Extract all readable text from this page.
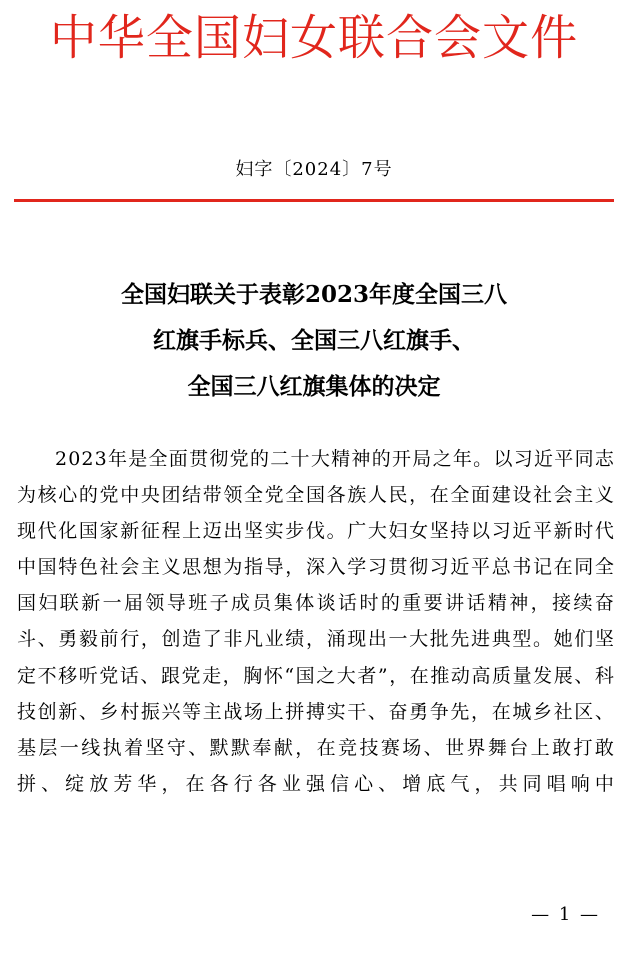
中华全国妇女联合会文件
妇字〔2024〕7号
全国妇联关于表彰2023年度全国三八
红旗手标兵、全国三八红旗手、
全国三八红旗集体的决定

2023年是全面贯彻党的二十大精神的开局之年。以习近平同志为核心的党中央团结带领全党全国各族人民，在全面建设社会主义现代化国家新征程上迈出坚实步伐。广大妇女坚持以习近平新时代中国特色社会主义思想为指导，深入学习贯彻习近平总书记在同全国妇联新一届领导班子成员集体谈话时的重要讲话精神，接续奋斗、勇毅前行，创造了非凡业绩，涌现出一大批先进典型。她们坚定不移听党话、跟党走，胸怀“国之大者”，在推动高质量发展、科技创新、乡村振兴等主战场上拼搏实干、奋勇争先，在城乡社区、基层一线执着坚守、默默奉献，在竞技赛场、世界舞台上敢打敢拼、绽放芳华，在各行各业强信心、增底气，共同唱响中

— 1 —
